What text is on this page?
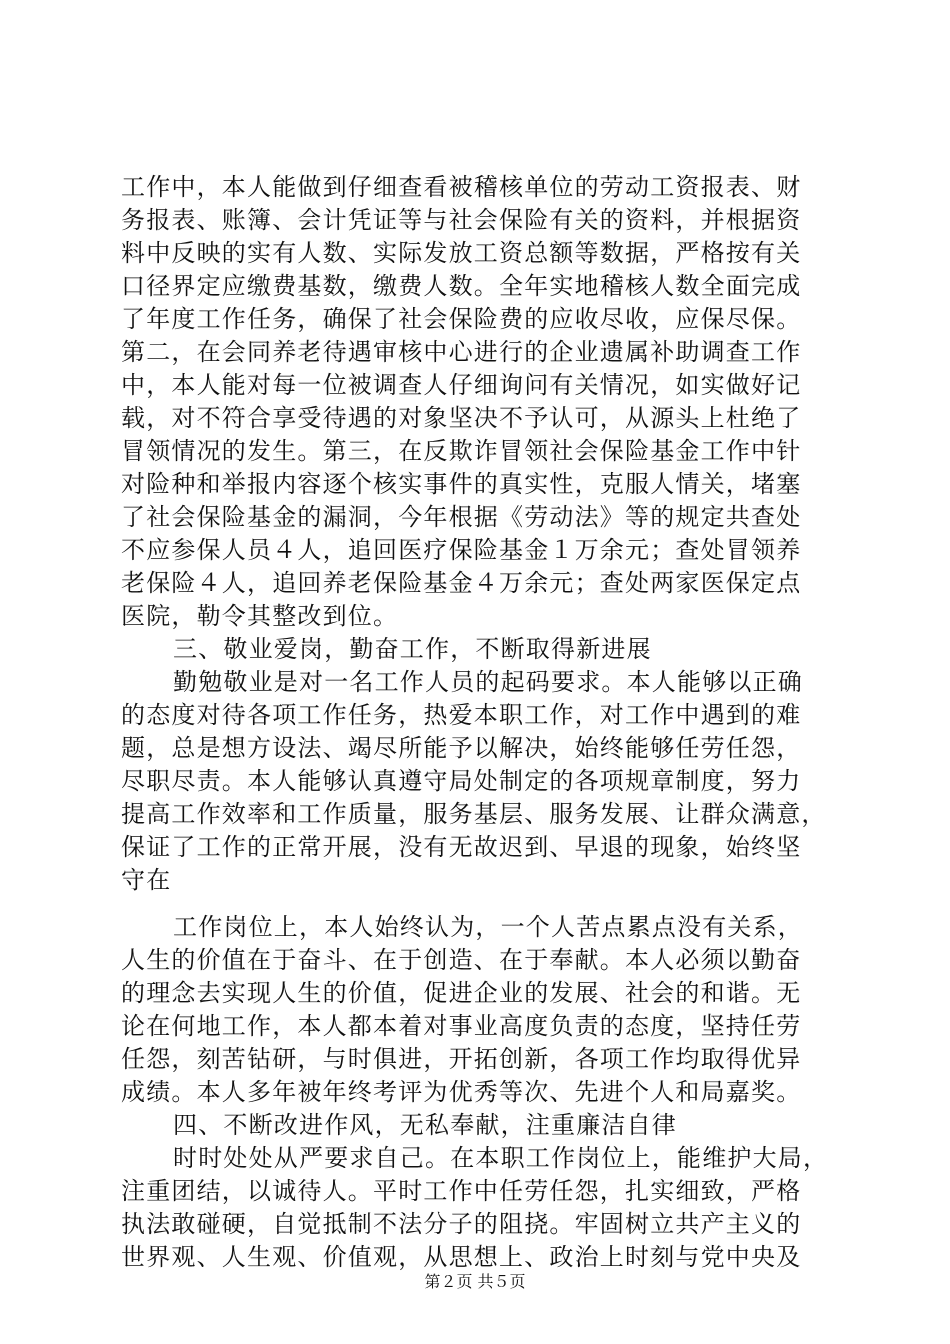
工作中，本人能做到仔细查看被稽核单位的劳动工资报表、财
务报表、账簿、会计凭证等与社会保险有关的资料，并根据资
料中反映的实有人数、实际发放工资总额等数据，严格按有关
口径界定应缴费基数，缴费人数。全年实地稽核人数全面完成
了年度工作任务，确保了社会保险费的应收尽收，应保尽保。
第二，在会同养老待遇审核中心进行的企业遗属补助调查工作
中，本人能对每一位被调查人仔细询问有关情况，如实做好记
载，对不符合享受待遇的对象坚决不予认可，从源头上杜绝了
冒领情况的发生。第三，在反欺诈冒领社会保险基金工作中针
对险种和举报内容逐个核实事件的真实性，克服人情关，堵塞
了社会保险基金的漏洞，今年根据《劳动法》等的规定共查处
不应参保人员４人，追回医疗保险基金１万余元；查处冒领养
老保险４人，追回养老保险基金４万余元；查处两家医保定点
医院，勒令其整改到位。
三、敬业爱岗，勤奋工作，不断取得新进展
勤勉敬业是对一名工作人员的起码要求。本人能够以正确
的态度对待各项工作任务，热爱本职工作，对工作中遇到的难
题，总是想方设法、竭尽所能予以解决，始终能够任劳任怨，
尽职尽责。本人能够认真遵守局处制定的各项规章制度，努力
提高工作效率和工作质量，服务基层、服务发展、让群众满意，
保证了工作的正常开展，没有无故迟到、早退的现象，始终坚
守在
工作岗位上，本人始终认为，一个人苦点累点没有关系，
人生的价值在于奋斗、在于创造、在于奉献。本人必须以勤奋
的理念去实现人生的价值，促进企业的发展、社会的和谐。无
论在何地工作，本人都本着对事业高度负责的态度，坚持任劳
任怨，刻苦钻研，与时俱进，开拓创新，各项工作均取得优异
成绩。本人多年被年终考评为优秀等次、先进个人和局嘉奖。
四、不断改进作风，无私奉献，注重廉洁自律
时时处处从严要求自己。在本职工作岗位上，能维护大局，
注重团结，以诚待人。平时工作中任劳任怨，扎实细致，严格
执法敢碰硬，自觉抵制不法分子的阻挠。牢固树立共产主义的
世界观、人生观、价值观，从思想上、政治上时刻与党中央及
第２页 共５页
